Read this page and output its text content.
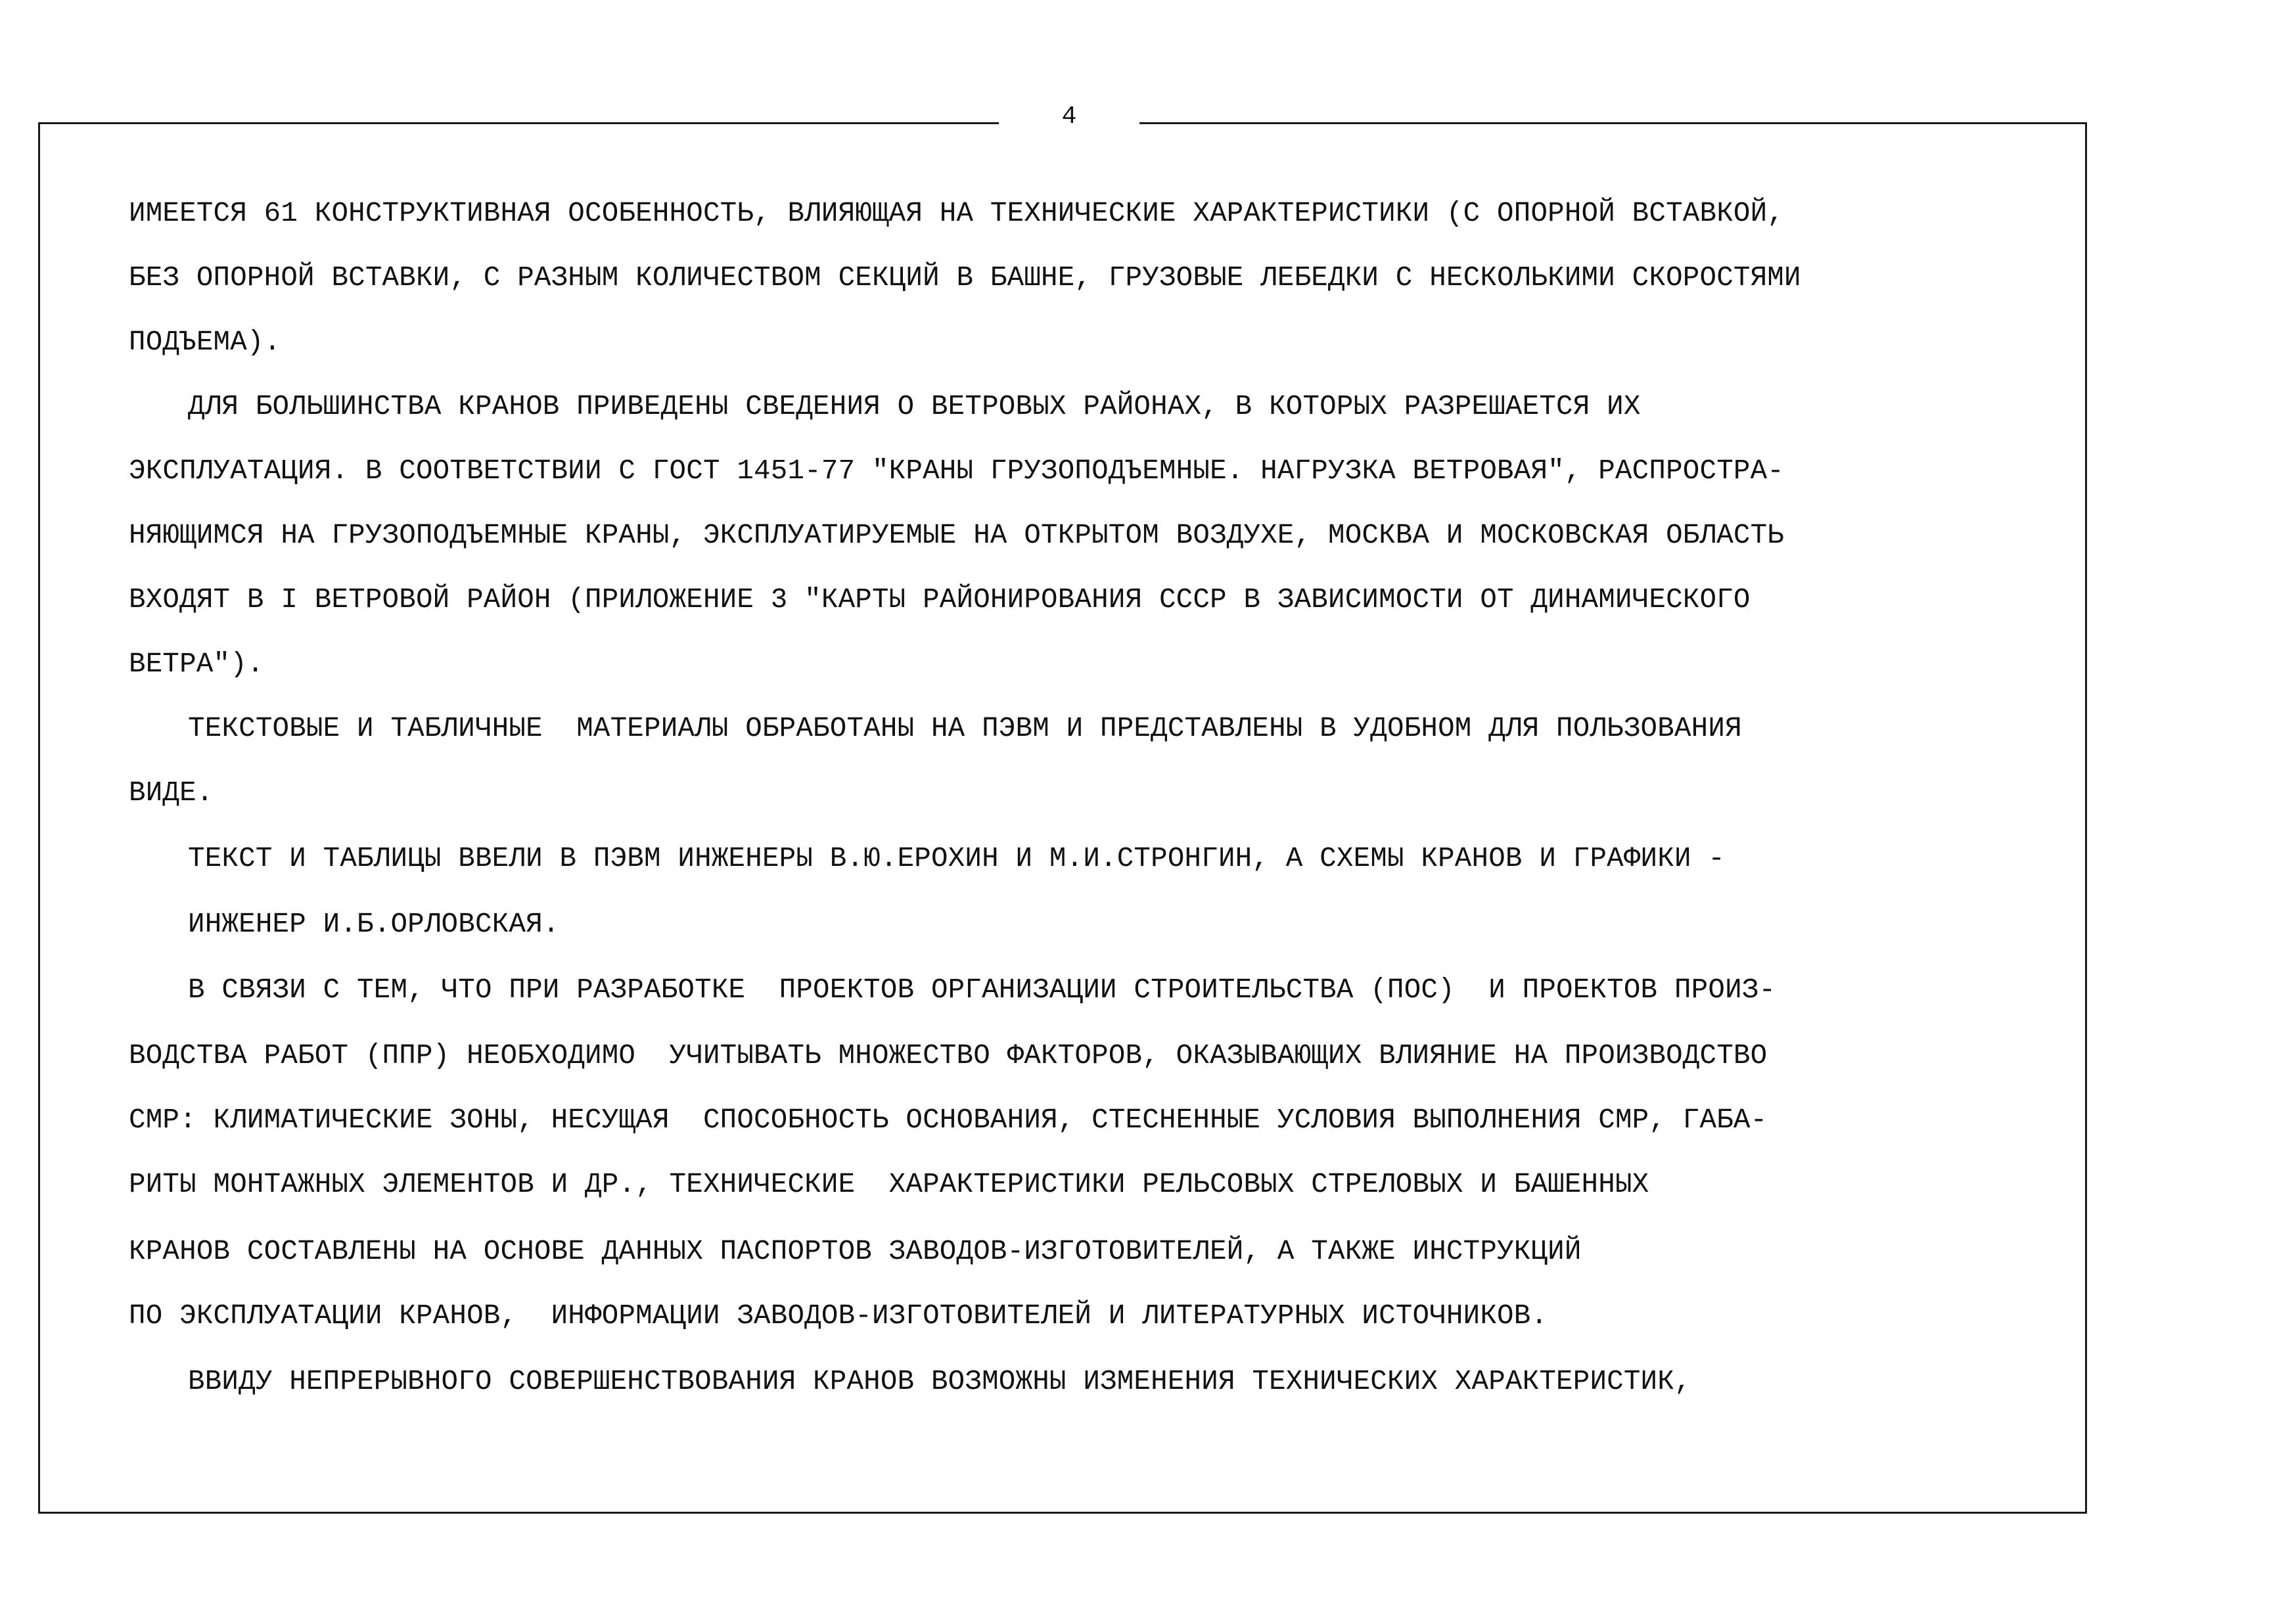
4
ИМЕЕТСЯ 61 КОНСТРУКТИВНАЯ ОСОБЕННОСТЬ, ВЛИЯЮЩАЯ НА ТЕХНИЧЕСКИЕ ХАРАКТЕРИСТИКИ (С ОПОРНОЙ ВСТАВКОЙ,
БЕЗ ОПОРНОЙ ВСТАВКИ, С РАЗНЫМ КОЛИЧЕСТВОМ СЕКЦИЙ В БАШНЕ, ГРУЗОВЫЕ ЛЕБЕДКИ С НЕСКОЛЬКИМИ СКОРОСТЯМИ
ПОДЪЕМА).
ДЛЯ БОЛЬШИНСТВА КРАНОВ ПРИВЕДЕНЫ СВЕДЕНИЯ О ВЕТРОВЫХ РАЙОНАХ, В КОТОРЫХ РАЗРЕШАЕТСЯ ИХ
ЭКСПЛУАТАЦИЯ. В СООТВЕТСТВИИ С ГОСТ 1451-77 "КРАНЫ ГРУЗОПОДЪЕМНЫЕ. НАГРУЗКА ВЕТРОВАЯ", РАСПРОСТРА-
НЯЮЩИМСЯ НА ГРУЗОПОДЪЕМНЫЕ КРАНЫ, ЭКСПЛУАТИРУЕМЫЕ НА ОТКРЫТОМ ВОЗДУХЕ, МОСКВА И МОСКОВСКАЯ ОБЛАСТЬ
ВХОДЯТ В I ВЕТРОВОЙ РАЙОН (ПРИЛОЖЕНИЕ 3 "КАРТЫ РАЙОНИРОВАНИЯ СССР В ЗАВИСИМОСТИ ОТ ДИНАМИЧЕСКОГО
ВЕТРА").
ТЕКСТОВЫЕ И ТАБЛИЧНЫЕ  МАТЕРИАЛЫ ОБРАБОТАНЫ НА ПЭВМ И ПРЕДСТАВЛЕНЫ В УДОБНОМ ДЛЯ ПОЛЬЗОВАНИЯ
ВИДЕ.
ТЕКСТ И ТАБЛИЦЫ ВВЕЛИ В ПЭВМ ИНЖЕНЕРЫ В.Ю.ЕРОХИН И М.И.СТРОНГИН, А СХЕМЫ КРАНОВ И ГРАФИКИ -
ИНЖЕНЕР И.Б.ОРЛОВСКАЯ.
В СВЯЗИ С ТЕМ, ЧТО ПРИ РАЗРАБОТКЕ  ПРОЕКТОВ ОРГАНИЗАЦИИ СТРОИТЕЛЬСТВА (ПОС)  И ПРОЕКТОВ ПРОИЗ-
ВОДСТВА РАБОТ (ППР) НЕОБХОДИМО  УЧИТЫВАТЬ МНОЖЕСТВО ФАКТОРОВ, ОКАЗЫВАЮЩИХ ВЛИЯНИЕ НА ПРОИЗВОДСТВО
СМР: КЛИМАТИЧЕСКИЕ ЗОНЫ, НЕСУЩАЯ  СПОСОБНОСТЬ ОСНОВАНИЯ, СТЕСНЕННЫЕ УСЛОВИЯ ВЫПОЛНЕНИЯ СМР, ГАБА-
РИТЫ МОНТАЖНЫХ ЭЛЕМЕНТОВ И ДР., ТЕХНИЧЕСКИЕ  ХАРАКТЕРИСТИКИ РЕЛЬСОВЫХ СТРЕЛОВЫХ И БАШЕННЫХ
КРАНОВ СОСТАВЛЕНЫ НА ОСНОВЕ ДАННЫХ ПАСПОРТОВ ЗАВОДОВ-ИЗГОТОВИТЕЛЕЙ, А ТАКЖЕ ИНСТРУКЦИЙ
ПО ЭКСПЛУАТАЦИИ КРАНОВ,  ИНФОРМАЦИИ ЗАВОДОВ-ИЗГОТОВИТЕЛЕЙ И ЛИТЕРАТУРНЫХ ИСТОЧНИКОВ.
ВВИДУ НЕПРЕРЫВНОГО СОВЕРШЕНСТВОВАНИЯ КРАНОВ ВОЗМОЖНЫ ИЗМЕНЕНИЯ ТЕХНИЧЕСКИХ ХАРАКТЕРИСТИК,
